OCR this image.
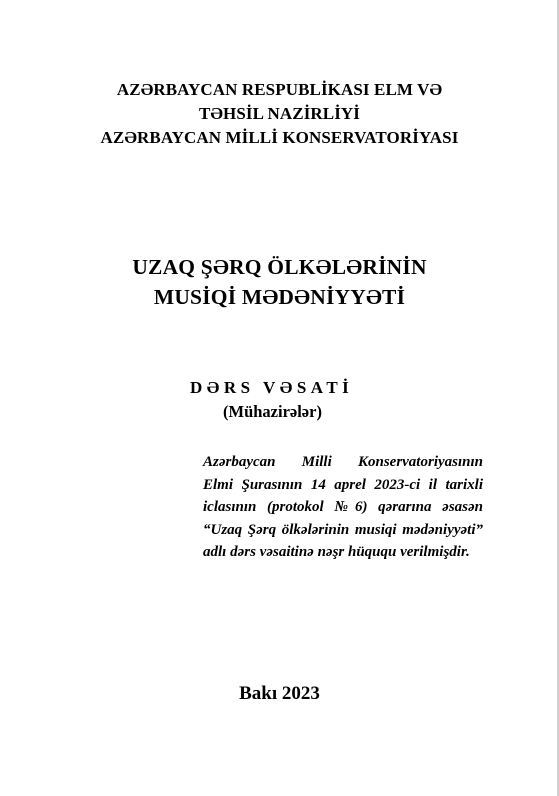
AZƏRBAYCAN RESPUBLİKASI ELM VƏ
TƏHSİL NAZİRLİYİ
AZƏRBAYCAN MİLLİ KONSERVATORİYASI
UZAQ ŞƏRQ ÖLKƏLƏRİNİN
MUSİQİ MƏDƏNİYYƏTİ
DƏRS VƏSATİ
(Mühazirələr)
Azərbaycan Milli Konservatoriyasının
Elmi Şurasının 14 aprel 2023-ci il tarixli
iclasının (protokol №6) qərarına əsasən
“Uzaq Şərq ölkələrinin musiqi mədəniyyəti”
adlı dərs vəsaitinə nəşr hüququ verilmişdir.
Bakı 2023
